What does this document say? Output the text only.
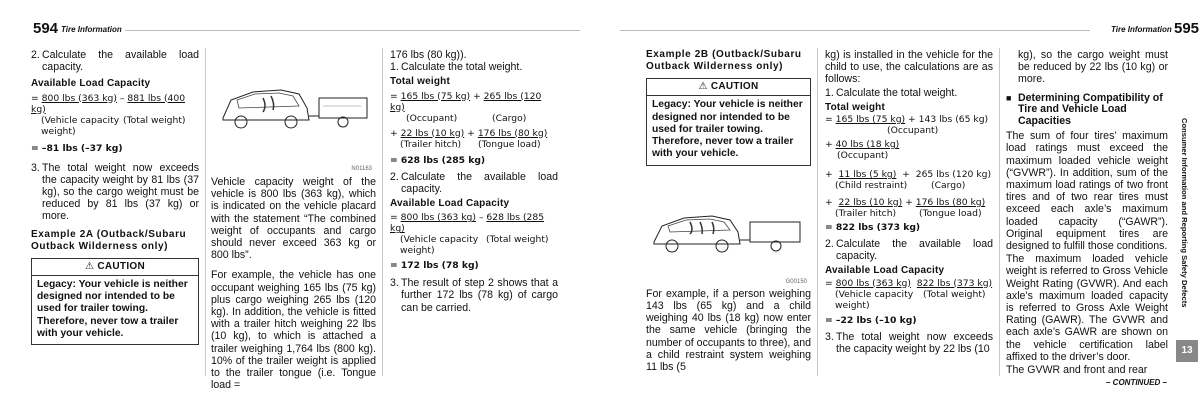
594 Tire Information
2. Calculate the available load capacity.
Available Load Capacity
= 800 lbs (363 kg) – 881 lbs (400 kg)
(Vehicle capacity weight)
(Total weight)
= –81 lbs (–37 kg)
3. The total weight now exceeds the capacity weight by 81 lbs (37 kg), so the cargo weight must be reduced by 81 lbs (37 kg) or more.
Example 2A (Outback/Subaru Outback Wilderness only)
⚠ CAUTION
Legacy: Your vehicle is neither designed nor intended to be used for trailer towing. Therefore, never tow a trailer with your vehicle.
N01163

Vehicle capacity weight of the vehicle is 800 lbs (363 kg), which is indicated on the vehicle placard with the statement “The combined weight of occupants and cargo should never exceed 363 kg or 800 lbs”.

For example, the vehicle has one occupant weighing 165 lbs (75 kg) plus cargo weighing 265 lbs (120 kg). In addition, the vehicle is fitted with a trailer hitch weighing 22 lbs (10 kg), to which is attached a trailer weighing 1,764 lbs (800 kg). 10% of the trailer weight is applied to the trailer tongue (i.e. Tongue load =

176 lbs (80 kg)).
1. Calculate the total weight.
Total weight
= 165 lbs (75 kg) + 265 lbs (120 kg)
(Occupant)	(Cargo)
+ 22 lbs (10 kg) + 176 lbs (80 kg)
(Trailer hitch)	(Tongue load)
= 628 lbs (285 kg)
2. Calculate the available load capacity.
Available Load Capacity
= 800 lbs (363 kg) – 628 lbs (285 kg)
(Vehicle capacity weight)
(Total weight)
= 172 lbs (78 kg)
3. The result of step 2 shows that a further 172 lbs (78 kg) of cargo can be carried.
Tire Information 595
Example 2B (Outback/Subaru Outback Wilderness only)
⚠ CAUTION
Legacy: Your vehicle is neither designed nor intended to be used for trailer towing. Therefore, never tow a trailer with your vehicle.
G00150

For example, if a person weighing 143 lbs (65 kg) and a child weighing 40 lbs (18 kg) now enter the same vehicle (bringing the number of occupants to three), and a child restraint system weighing 11 lbs (5

kg) is installed in the vehicle for the child to use, the calculations are as follows:

1. Calculate the total weight.
Total weight
= 165 lbs (75 kg) + 143 lbs (65 kg)
(Occupant)
+ 40 lbs (18 kg)
(Occupant)
+  11 lbs (5 kg)  +  265 lbs (120 kg)
(Child restraint)	(Cargo)
+  22 lbs (10 kg) + 176 lbs (80 kg)
(Trailer hitch)	(Tongue load)
= 822 lbs (373 kg)
2. Calculate the available load capacity.
Available Load Capacity
= 800 lbs (363 kg) 822 lbs (373 kg)
(Vehicle capacity weight)
(Total weight)
= –22 lbs (–10 kg)
3. The total weight now exceeds the capacity weight by 22 lbs (10

kg), so the cargo weight must be reduced by 22 lbs (10 kg) or more.

■ Determining Compatibility of Tire and Vehicle Load Capacities

The sum of four tires’ maximum load ratings must exceed the maximum loaded vehicle weight (“GVWR”). In addition, sum of the maximum load ratings of two front tires and of two rear tires must exceed each axle’s maximum loaded capacity (“GAWR”). Original equipment tires are designed to fulfill those conditions.

The maximum loaded vehicle weight is referred to Gross Vehicle Weight Rating (GVWR). And each axle’s maximum loaded capacity is referred to Gross Axle Weight Rating (GAWR). The GVWR and each axle’s GAWR are shown on the vehicle certification label affixed to the driver’s door.

The GVWR and front and rear

– CONTINUED –
Consumer Information and Reporting Safety Defects
13
